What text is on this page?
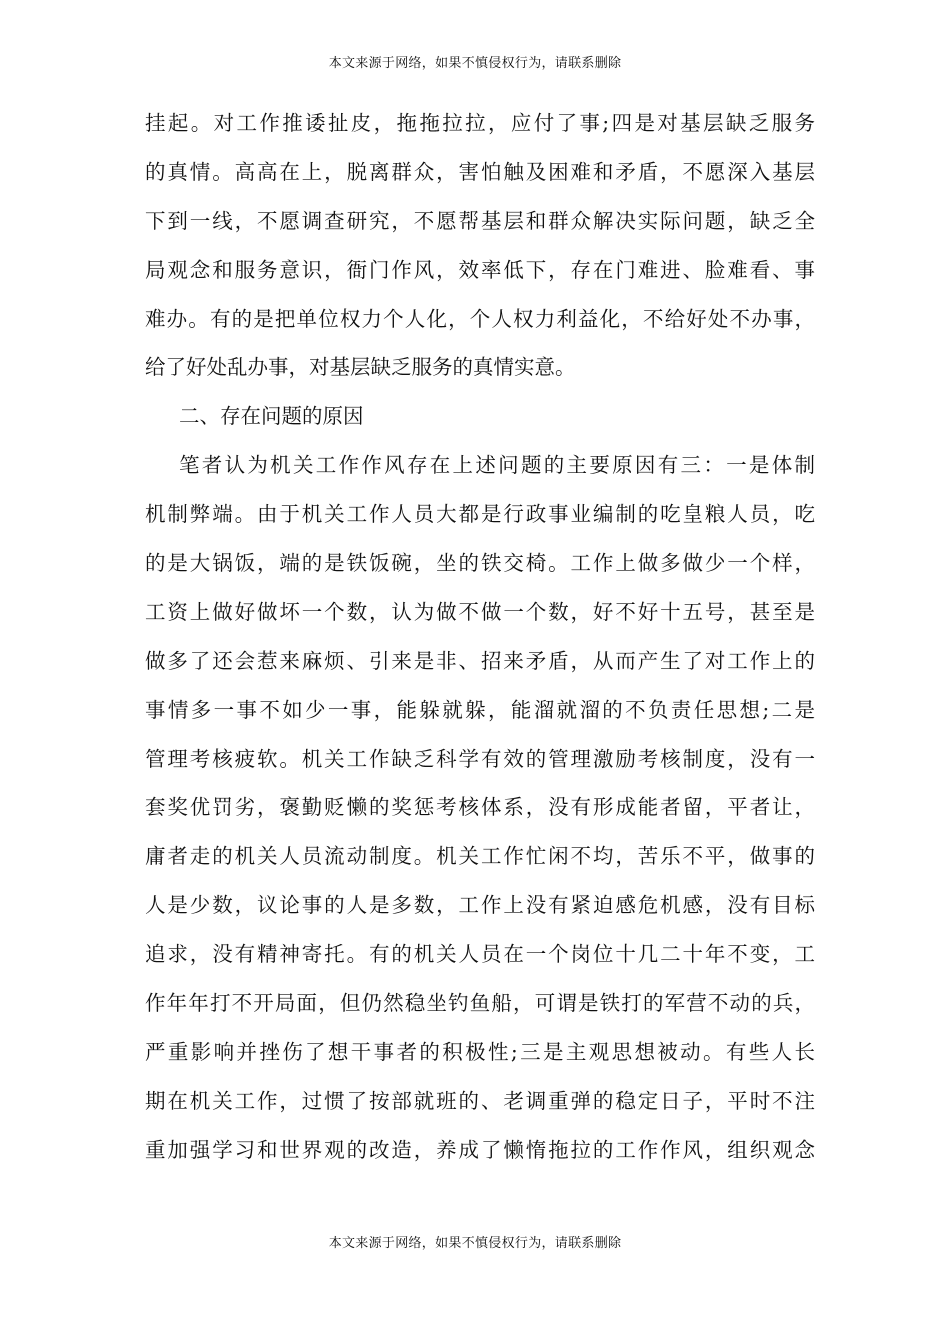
本文来源于网络，如果不慎侵权行为，请联系删除
挂起。对工作推诿扯皮，拖拖拉拉，应付了事;四是对基层缺乏服务
的真情。高高在上，脱离群众，害怕触及困难和矛盾，不愿深入基层
下到一线，不愿调查研究，不愿帮基层和群众解决实际问题，缺乏全
局观念和服务意识，衙门作风，效率低下，存在门难进、脸难看、事
难办。有的是把单位权力个人化，个人权力利益化，不给好处不办事，
给了好处乱办事，对基层缺乏服务的真情实意。
二、存在问题的原因
笔者认为机关工作作风存在上述问题的主要原因有三：一是体制
机制弊端。由于机关工作人员大都是行政事业编制的吃皇粮人员，吃
的是大锅饭，端的是铁饭碗，坐的铁交椅。工作上做多做少一个样，
工资上做好做坏一个数，认为做不做一个数，好不好十五号，甚至是
做多了还会惹来麻烦、引来是非、招来矛盾，从而产生了对工作上的
事情多一事不如少一事，能躲就躲，能溜就溜的不负责任思想;二是
管理考核疲软。机关工作缺乏科学有效的管理激励考核制度，没有一
套奖优罚劣，褒勤贬懒的奖惩考核体系，没有形成能者留，平者让，
庸者走的机关人员流动制度。机关工作忙闲不均，苦乐不平，做事的
人是少数，议论事的人是多数，工作上没有紧迫感危机感，没有目标
追求，没有精神寄托。有的机关人员在一个岗位十几二十年不变，工
作年年打不开局面，但仍然稳坐钓鱼船，可谓是铁打的军营不动的兵，
严重影响并挫伤了想干事者的积极性;三是主观思想被动。有些人长
期在机关工作，过惯了按部就班的、老调重弹的稳定日子，平时不注
重加强学习和世界观的改造，养成了懒惰拖拉的工作作风，组织观念
本文来源于网络，如果不慎侵权行为，请联系删除
